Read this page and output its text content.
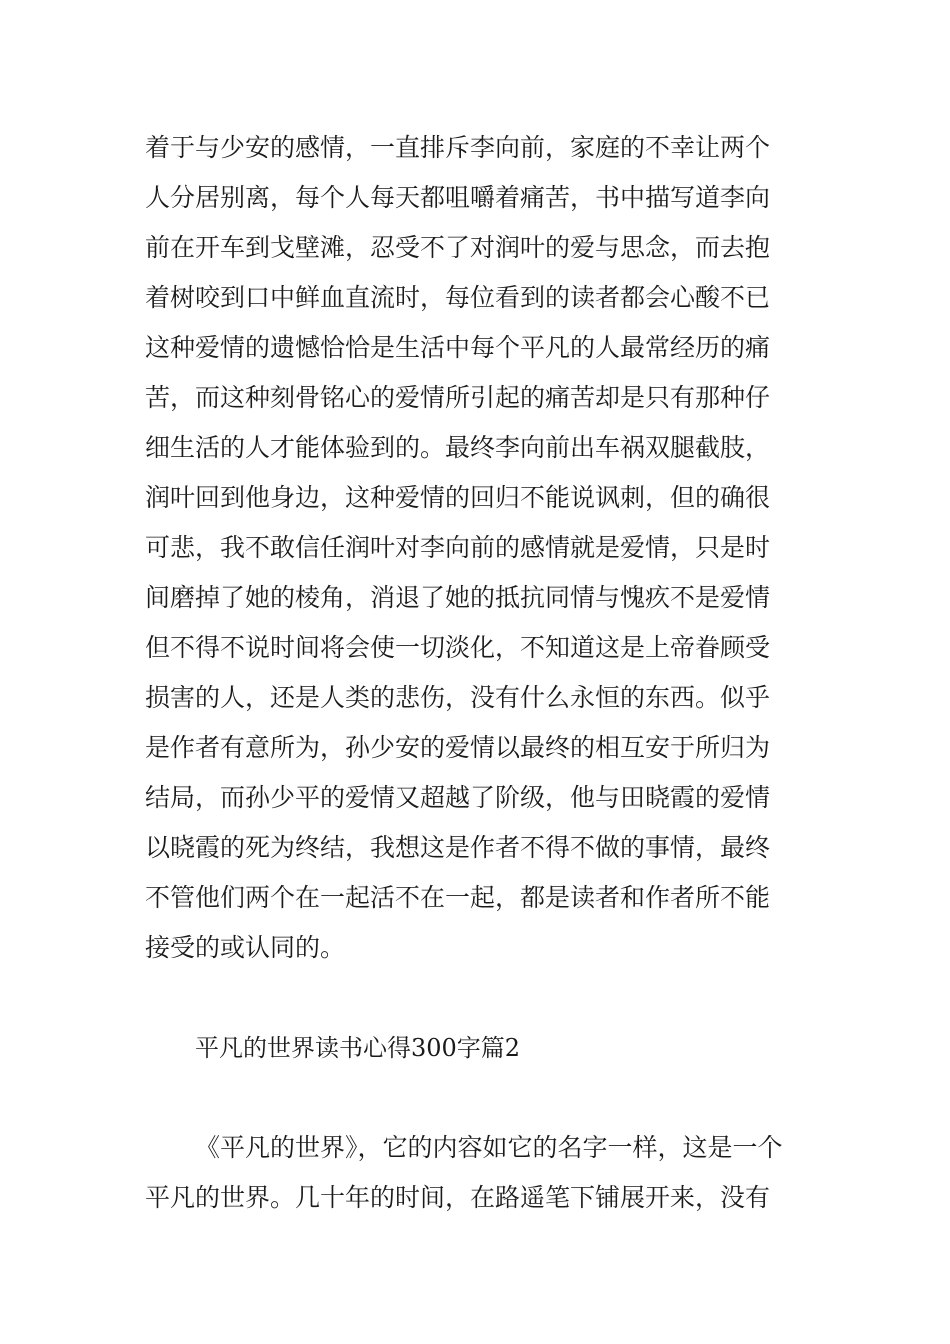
着于与少安的感情，一直排斥李向前，家庭的不幸让两个
人分居别离，每个人每天都咀嚼着痛苦，书中描写道李向
前在开车到戈壁滩，忍受不了对润叶的爱与思念，而去抱
着树咬到口中鲜血直流时，每位看到的读者都会心酸不已
这种爱情的遗憾恰恰是生活中每个平凡的人最常经历的痛
苦，而这种刻骨铭心的爱情所引起的痛苦却是只有那种仔
细生活的人才能体验到的。最终李向前出车祸双腿截肢，
润叶回到他身边，这种爱情的回归不能说讽刺，但的确很
可悲，我不敢信任润叶对李向前的感情就是爱情，只是时
间磨掉了她的棱角，消退了她的抵抗同情与愧疚不是爱情
但不得不说时间将会使一切淡化，不知道这是上帝眷顾受
损害的人，还是人类的悲伤，没有什么永恒的东西。似乎
是作者有意所为，孙少安的爱情以最终的相互安于所归为
结局，而孙少平的爱情又超越了阶级，他与田晓霞的爱情
以晓霞的死为终结，我想这是作者不得不做的事情，最终
不管他们两个在一起活不在一起，都是读者和作者所不能
接受的或认同的。
平凡的世界读书心得300字篇2
《平凡的世界》，它的内容如它的名字一样，这是一个
平凡的世界。几十年的时间，在路遥笔下铺展开来，没有
